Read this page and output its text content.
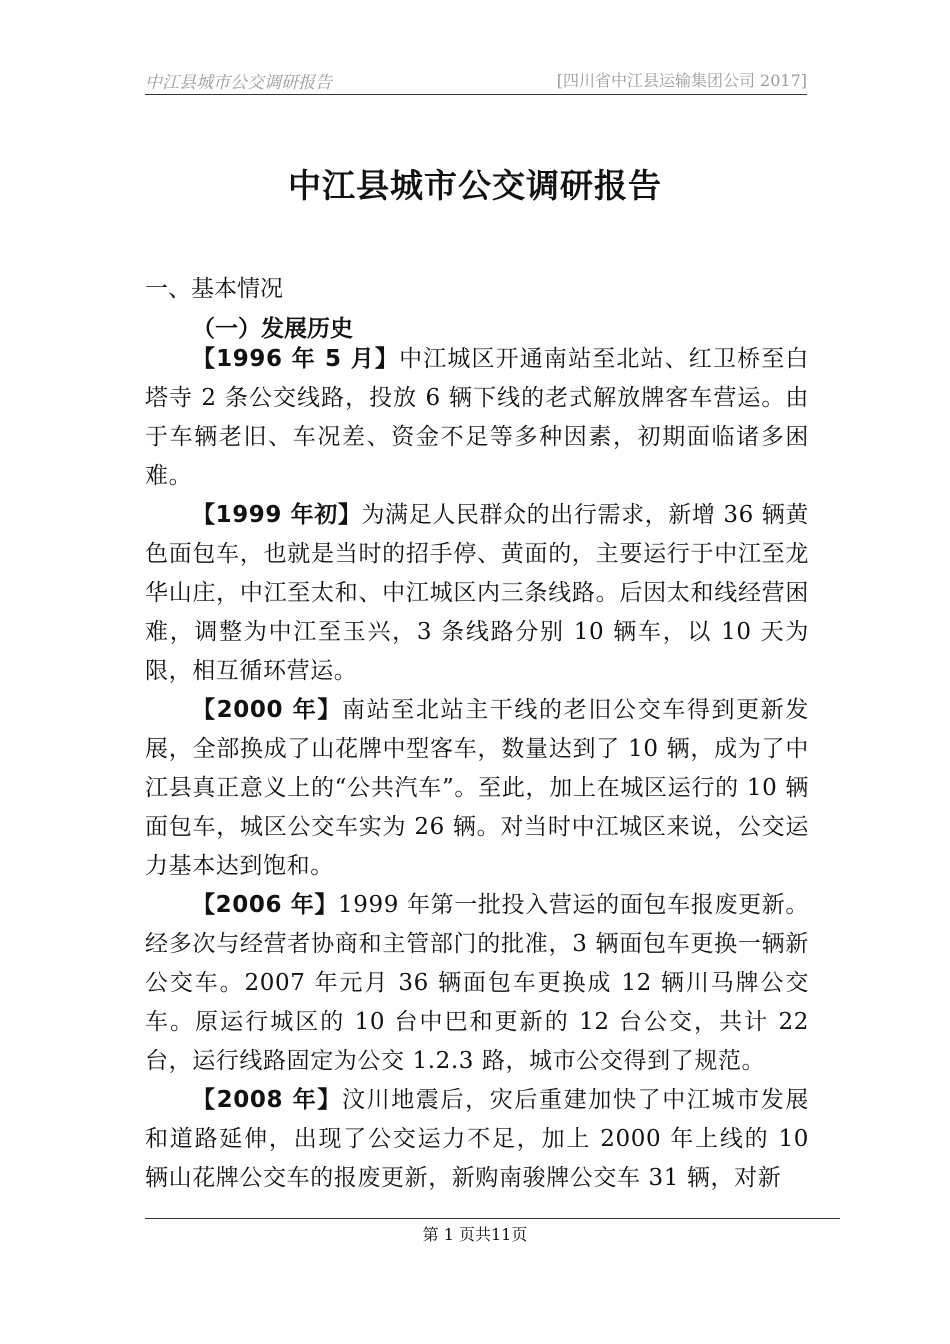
中江县城市公交调研报告	[四川省中江县运输集团公司 2017]
中江县城市公交调研报告
一、基本情况
（一）发展历史

【1996 年 5 月】中江城区开通南站至北站、红卫桥至白塔寺 2 条公交线路，投放 6 辆下线的老式解放牌客车营运。由于车辆老旧、车况差、资金不足等多种因素，初期面临诸多困难。

【1999 年初】为满足人民群众的出行需求，新增 36 辆黄色面包车，也就是当时的招手停、黄面的，主要运行于中江至龙华山庄，中江至太和、中江城区内三条线路。后因太和线经营困难，调整为中江至玉兴，3 条线路分别 10 辆车，以 10 天为限，相互循环营运。

【2000 年】南站至北站主干线的老旧公交车得到更新发展，全部换成了山花牌中型客车，数量达到了 10 辆，成为了中江县真正意义上的“公共汽车”。至此，加上在城区运行的 10 辆面包车，城区公交车实为 26 辆。对当时中江城区来说，公交运力基本达到饱和。

【2006 年】1999 年第一批投入营运的面包车报废更新。经多次与经营者协商和主管部门的批准，3 辆面包车更换一辆新公交车。2007 年元月 36 辆面包车更换成 12 辆川马牌公交车。原运行城区的 10 台中巴和更新的 12 台公交，共计 22 台，运行线路固定为公交 1.2.3 路，城市公交得到了规范。

【2008 年】汶川地震后，灾后重建加快了中江城市发展和道路延伸，出现了公交运力不足，加上 2000 年上线的 10 辆山花牌公交车的报废更新，新购南骏牌公交车 31 辆，对新

第 1 页共11页
